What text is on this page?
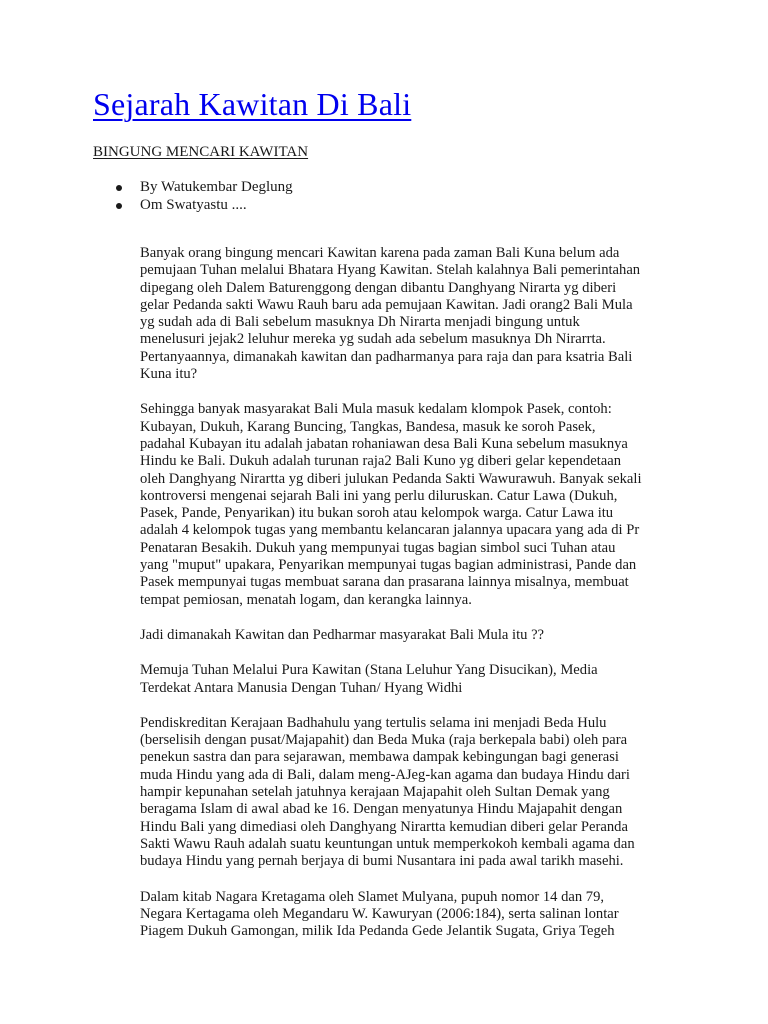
Sejarah Kawitan Di Bali

BINGUNG MENCARI KAWITAN

By Watukembar Deglung
Om Swatyastu ....

Banyak orang bingung mencari Kawitan karena pada zaman Bali Kuna belum ada
pemujaan Tuhan melalui Bhatara Hyang Kawitan. Stelah kalahnya Bali pemerintahan
dipegang oleh Dalem Baturenggong dengan dibantu Danghyang Nirarta yg diberi
gelar Pedanda sakti Wawu Rauh baru ada pemujaan Kawitan. Jadi orang2 Bali Mula
yg sudah ada di Bali sebelum masuknya Dh Nirarta menjadi bingung untuk
menelusuri jejak2 leluhur mereka yg sudah ada sebelum masuknya Dh Nirarrta.
Pertanyaannya, dimanakah kawitan dan padharmanya para raja dan para ksatria Bali
Kuna itu?

Sehingga banyak masyarakat Bali Mula masuk kedalam klompok Pasek, contoh:
Kubayan, Dukuh, Karang Buncing, Tangkas, Bandesa, masuk ke soroh Pasek,
padahal Kubayan itu adalah jabatan rohaniawan desa Bali Kuna sebelum masuknya
Hindu ke Bali. Dukuh adalah turunan raja2 Bali Kuno yg diberi gelar kependetaan
oleh Danghyang Nirartta yg diberi julukan Pedanda Sakti Wawurawuh. Banyak sekali
kontroversi mengenai sejarah Bali ini yang perlu diluruskan. Catur Lawa (Dukuh,
Pasek, Pande, Penyarikan) itu bukan soroh atau kelompok warga. Catur Lawa itu
adalah 4 kelompok tugas yang membantu kelancaran jalannya upacara yang ada di Pr
Penataran Besakih. Dukuh yang mempunyai tugas bagian simbol suci Tuhan atau
yang "muput" upakara, Penyarikan mempunyai tugas bagian administrasi, Pande dan
Pasek mempunyai tugas membuat sarana dan prasarana lainnya misalnya, membuat
tempat pemiosan, menatah logam, dan kerangka lainnya.

Jadi dimanakah Kawitan dan Pedharmar masyarakat Bali Mula itu ??

Memuja Tuhan Melalui Pura Kawitan (Stana Leluhur Yang Disucikan), Media
Terdekat Antara Manusia Dengan Tuhan/ Hyang Widhi

Pendiskreditan Kerajaan Badhahulu yang tertulis selama ini menjadi Beda Hulu
(berselisih dengan pusat/Majapahit) dan Beda Muka (raja berkepala babi) oleh para
penekun sastra dan para sejarawan, membawa dampak kebingungan bagi generasi
muda Hindu yang ada di Bali, dalam meng-AJeg-kan agama dan budaya Hindu dari
hampir kepunahan setelah jatuhnya kerajaan Majapahit oleh Sultan Demak yang
beragama Islam di awal abad ke 16. Dengan menyatunya Hindu Majapahit dengan
Hindu Bali yang dimediasi oleh Danghyang Nirartta kemudian diberi gelar Peranda
Sakti Wawu Rauh adalah suatu keuntungan untuk memperkokoh kembali agama dan
budaya Hindu yang pernah berjaya di bumi Nusantara ini pada awal tarikh masehi.

Dalam kitab Nagara Kretagama oleh Slamet Mulyana, pupuh nomor 14 dan 79,
Negara Kertagama oleh Megandaru W. Kawuryan (2006:184), serta salinan lontar
Piagem Dukuh Gamongan, milik Ida Pedanda Gede Jelantik Sugata, Griya Tegeh
